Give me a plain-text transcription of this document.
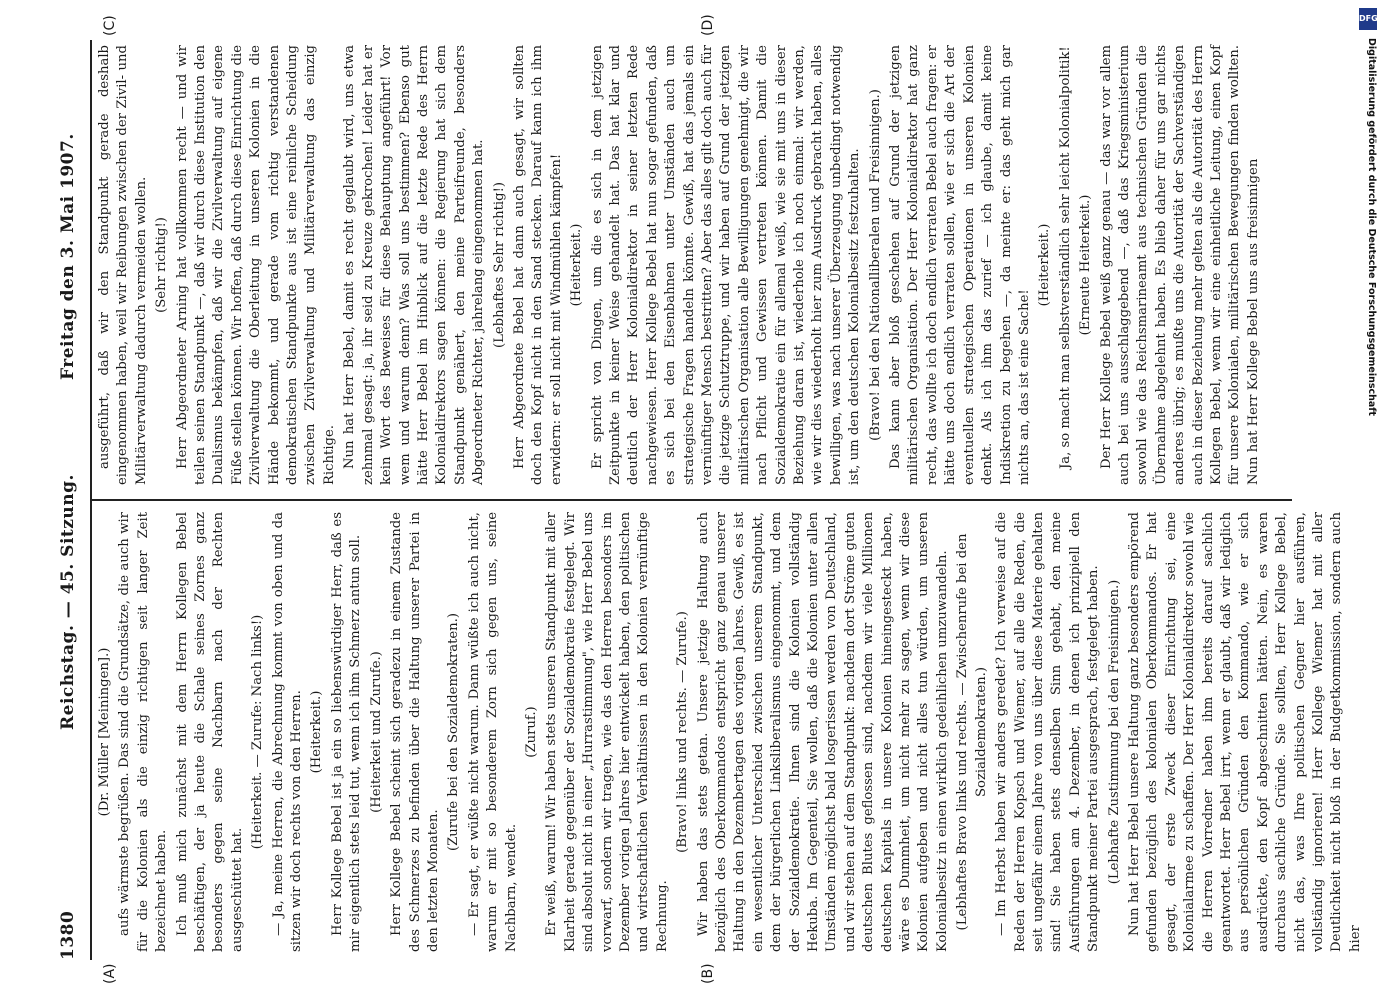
1380
Reichstag. — 45. Sitzung.
Freitag den 3. Mai 1907.
(A)	(B)
(C)	(D)

(Dr. Müller [Meiningen].) aufs wärmste begrüßen. Das sind die Grundsätze, die auch wir für die Kolonien als die einzig richtigen seit langer Zeit bezeichnet haben. Ich muß mich zunächst mit dem Herrn Kollegen Bebel beschäftigen, der ja heute die Schale seines Zornes ganz besonders gegen seine Nachbarn nach der Rechten ausgeschüttet hat.

(Heiterkeit. — Zurufe: Nach links!) — Ja, meine Herren, die Abrechnung kommt von oben und da sitzen wir doch rechts von den Herren. (Heiterkeit.) Herr Kollege Bebel ist ja ein so liebenswürdiger Herr, daß es mir eigentlich stets leid tut, wenn ich ihm Schmerz antun soll. (Heiterkeit und Zurufe.) Herr Kollege Bebel scheint sich geradezu in einem Zustande des Schmerzes zu befinden über die Haltung unserer Partei in den letzten Monaten.

(Zurufe bei den Sozialdemokraten.) — Er sagt, er wüßte nicht warum. Dann wüßte ich auch nicht, warum er mit so besonderem Zorn sich gegen uns, seine Nachbarn, wendet.

(Zuruf.) Er weiß, warum! Wir haben stets unseren Standpunkt mit aller Klarheit gerade gegenüber der Sozialdemokratie festgelegt. Wir sind absolut nicht in einer „Hurrastimmung", wie Herr Bebel uns vorwarf, sondern wir tragen, wie das den Herren besonders im Dezember vorigen Jahres hier entwickelt haben, den politischen und wirtschaftlichen Verhältnissen in den Kolonien vernünftige Rechnung.

(Bravo! links und rechts. — Zurufe.) Wir haben das stets getan. Unsere jetzige Haltung auch bezüglich des Oberkommandos entspricht ganz genau unserer Haltung in den Dezembertagen des vorigen Jahres. Gewiß, es ist ein wesentlicher Unterschied zwischen unserem Standpunkt, dem der bürgerlichen Linksliberalismus eingenommt, und dem der Sozialdemokratie. Ihnen sind die Kolonien vollständig Hekuba. Im Gegenteil, Sie wollen, daß die Kolonien unter allen Umständen möglichst bald losgerissen werden von Deutschland, und wir stehen auf dem Standpunkt: nachdem dort Ströme guten deutschen Blutes geflossen sind, nachdem wir viele Millionen deutschen Kapitals in unsere Kolonien hineingesteckt haben, wäre es Dummheit, um nicht mehr zu sagen, wenn wir diese Kolonien aufgeben und nicht alles tun würden, um unseren Kolonialbesitz in einen wirklich gedeihlichen umzuwandeln. (Lebhaftes Bravo links und rechts. — Zwischenrufe bei den Sozialdemokraten.) — Im Herbst haben wir anders geredet? Ich verweise auf die Reden der Herren Kopsch und Wiemer, auf alle die Reden, die seit ungefähr einem Jahre von uns über diese Materie gehalten sind! Sie haben stets denselben Sinn gehabt, den meine Ausführungen am 4. Dezember, in denen ich prinzipiell den Standpunkt meiner Partei ausgesprach, festgelegt haben. (Lebhafte Zustimmung bei den Freisinnigen.) Nun hat Herr Bebel unsere Haltung ganz besonders empörend gefunden bezüglich des kolonialen Oberkommandos. Er hat gesagt, der erste Zweck dieser Einrichtung sei, eine Kolonialarmee zu schaffen. Der Herr Kolonialdirektor sowohl wie die Herren Vorredner haben ihm bereits darauf sachlich geantwortet. Herr Bebel irrt, wenn er glaubt, daß wir lediglich aus persönlichen Gründen den Kommando, wie er sich ausdrückte, den Kopf abgeschnitten hätten. Nein, es waren durchaus sachliche Gründe. Sie sollten, Herr Kollege Bebel, nicht das, was Ihre politischen Gegner hier ausführen, vollständig ignorieren! Herr Kollege Wiemer hat mit aller Deutlichkeit nicht bloß in der Budgetkommission, sondern auch hier

ausgeführt, daß wir den Standpunkt gerade deshalb eingenommen haben, weil wir Reibungen zwischen der Zivil- und Militärverwaltung dadurch vermeiden wollen. (Sehr richtig!) Herr Abgeordneter Arning hat vollkommen recht — und wir teilen seinen Standpunkt —, daß wir durch diese Institution den Dualismus bekämpfen, daß wir die Zivilverwaltung auf eigene Füße stellen können. Wir hoffen, daß durch diese Einrichtung die Zivilverwaltung die Oberleitung in unseren Kolonien in die Hände bekommt, und gerade vom richtig verstandenen demokratischen Standpunkte aus ist eine reinliche Scheidung zwischen Zivilverwaltung und Militärverwaltung das einzig Richtige. Nun hat Herr Bebel, damit es recht geglaubt wird, uns etwa zehnmal gesagt: ja, ihr seid zu Kreuze gekrochen! Leider hat er kein Wort des Beweises für diese Behauptung angeführt! Vor wem und warum denn? Was soll uns bestimmen? Ebenso gut hätte Herr Bebel im Hinblick auf die letzte Rede des Herrn Kolonialdirektors sagen können: die Regierung hat sich dem Standpunkt genähert, den meine Parteifreunde, besonders Abgeordneter Richter, jahrelang eingenommen hat. (Lebhaftes Sehr richtig!) Herr Abgeordnete Bebel hat dann auch gesagt, wir sollten doch den Kopf nicht in den Sand stecken. Darauf kann ich ihm erwidern: er soll nicht mit Windmühlen kämpfen! (Heiterkeit.) Er spricht von Dingen, um die es sich in dem jetzigen Zeitpunkte in keiner Weise gehandelt hat. Das hat klar und deutlich der Herr Kolonialdirektor in seiner letzten Rede nachgewiesen. Herr Kollege Bebel hat nun sogar gefunden, daß es sich bei den Eisenbahnen unter Umständen auch um strategische Fragen handeln könnte. Gewiß, hat das jemals ein vernünftiger Mensch bestritten? Aber das alles gilt doch auch für die jetzige Schutztruppe, und wir haben auf Grund der jetzigen militärischen Organisation alle Bewilligungen genehmigt, die wir nach Pflicht und Gewissen vertreten können. Damit die Sozialdemokratie ein für allemal weiß, wie sie mit uns in dieser Beziehung daran ist, wiederhole ich noch einmal: wir werden, wie wir dies wiederholt hier zum Ausdruck gebracht haben, alles bewilligen, was nach unserer Überzeugung unbedingt notwendig ist, um den deutschen Kolonialbesitz festzuhalten. (Bravo! bei den Nationalliberalen und Freisinnigen.) Das kann aber bloß geschehen auf Grund der jetzigen militärischen Organisation. Der Herr Kolonialdirektor hat ganz recht, das wollte ich doch endlich verraten Bebel auch fragen: er hätte uns doch endlich verraten sollen, wie er sich die Art der eventuellen strategischen Operationen in unseren Kolonien denkt. Als ich ihm das zurief — ich glaube, damit keine Indiskretion zu begehen —, da meinte er: das geht mich gar nichts an, das ist eine Sache!

(Heiterkeit.) Ja, so macht man selbstverständlich sehr leicht Kolonialpolitik! (Erneute Heiterkeit.) Der Herr Kollege Bebel weiß ganz genau — das war vor allem auch bei uns ausschlaggebend —, daß das Kriegsministerium sowohl wie das Reichsmarineamt aus technischen Gründen die Übernahme abgelehnt haben. Es blieb daher für uns gar nichts anderes übrig; es mußte uns die Autorität der Sachverständigen auch in dieser Beziehung mehr gelten als die Autorität des Herrn Kollegen Bebel, wenn wir eine einheitliche Leitung, einen Kopf für unsere Kolonialen, militärischen Bewegungen finden wollten. Nun hat Herr Kollege Bebel uns aus freisinnigen

DFG
Digitalisierung gefördert durch die Deutsche Forschungsgemeinschaft
